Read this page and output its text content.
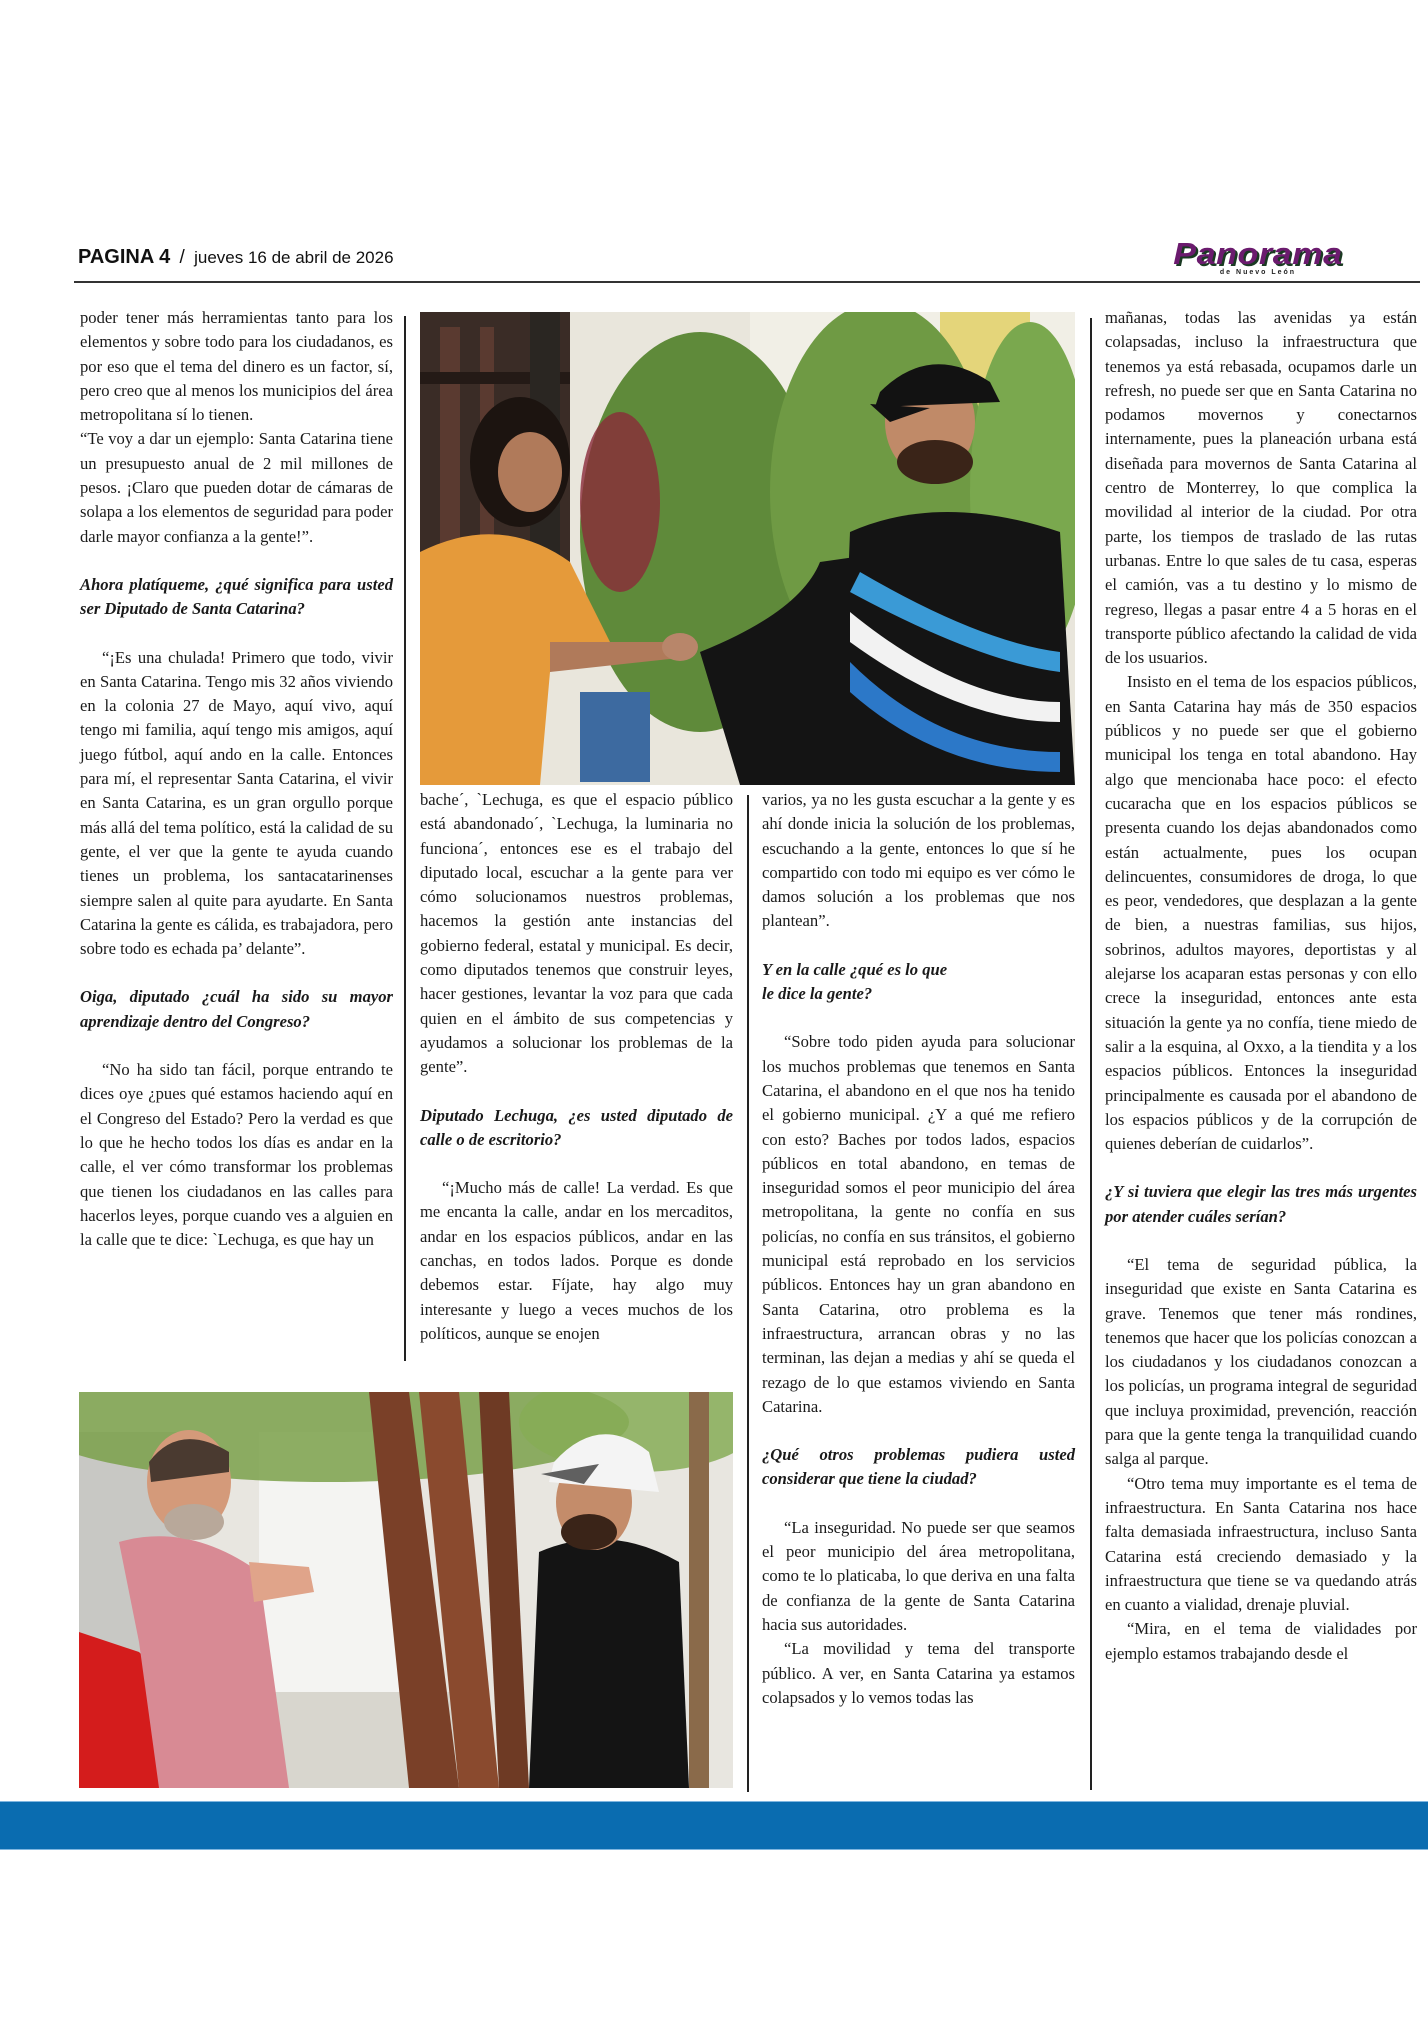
PAGINA 4 / jueves 16 de abril de 2026	Panorama
de Nuevo León

poder tener más herramientas tanto para los elementos y sobre todo para los ciudadanos, es por eso que el tema del dinero es un factor, sí, pero creo que al menos los municipios del área metropolitana sí lo tienen.

“Te voy a dar un ejemplo: Santa Catarina tiene un presupuesto anual de 2 mil millones de pesos. ¡Claro que pueden dotar de cámaras de solapa a los elementos de seguridad para poder darle mayor confianza a la gente!”.

Ahora platíqueme, ¿qué significa para usted ser Diputado de Santa Catarina?

“¡Es una chulada! Primero que todo, vivir en Santa Catarina. Tengo mis 32 años viviendo en la colonia 27 de Mayo, aquí vivo, aquí tengo mi familia, aquí tengo mis amigos, aquí juego fútbol, aquí ando en la calle. Entonces para mí, el representar Santa Catarina, el vivir en Santa Catarina, es un gran orgullo porque más allá del tema político, está la calidad de su gente, el ver que la gente te ayuda cuando tienes un problema, los santacatarinenses siempre salen al quite para ayudarte. En Santa Catarina la gente es cálida, es trabajadora, pero sobre todo es echada pa’ delante”.

Oiga, diputado ¿cuál ha sido su mayor aprendizaje dentro del Congreso?

“No ha sido tan fácil, porque entrando te dices oye ¿pues qué estamos haciendo aquí en el Congreso del Estado? Pero la verdad es que lo que he hecho todos los días es andar en la calle, el ver cómo transformar los problemas que tienen los ciudadanos en las calles para hacerlos leyes, porque cuando ves a alguien en la calle que te dice: `Lechuga, es que hay un

bache´, `Lechuga, es que el espacio público está abandonado´, `Lechuga, la luminaria no funciona´, entonces ese es el trabajo del diputado local, escuchar a la gente para ver cómo solucionamos nuestros problemas, hacemos la gestión ante instancias del gobierno federal, estatal y municipal. Es decir, como diputados tenemos que construir leyes, hacer gestiones, levantar la voz para que cada quien en el ámbito de sus competencias y ayudamos a solucionar los problemas de la gente”.

Diputado Lechuga, ¿es usted diputado de calle o de escritorio?

“¡Mucho más de calle! La verdad. Es que me encanta la calle, andar en los mercaditos, andar en los espacios públicos, andar en las canchas, en todos lados. Porque es donde debemos estar. Fíjate, hay algo muy interesante y luego a veces muchos de los políticos, aunque se enojen

varios, ya no les gusta escuchar a la gente y es ahí donde inicia la solución de los problemas, escuchando a la gente, entonces lo que sí he compartido con todo mi equipo es ver cómo le damos solución a los problemas que nos plantean”.

Y en la calle ¿qué es lo que
le dice la gente?

“Sobre todo piden ayuda para solucionar los muchos problemas que tenemos en Santa Catarina, el abandono en el que nos ha tenido el gobierno municipal. ¿Y a qué me refiero con esto? Baches por todos lados, espacios públicos en total abandono, en temas de inseguridad somos el peor municipio del área metropolitana, la gente no confía en sus policías, no confía en sus tránsitos, el gobierno municipal está reprobado en los servicios públicos. Entonces hay un gran abandono en Santa Catarina, otro problema es la infraestructura, arrancan obras y no las terminan, las dejan a medias y ahí se queda el rezago de lo que estamos viviendo en Santa Catarina.

¿Qué otros problemas pudiera usted considerar que tiene la ciudad?

“La inseguridad. No puede ser que seamos el peor municipio del área metropolitana, como te lo platicaba, lo que deriva en una falta de confianza de la gente de Santa Catarina hacia sus autoridades.

“La movilidad y tema del transporte público. A ver, en Santa Catarina ya estamos colapsados y lo vemos todas las

mañanas, todas las avenidas ya están colapsadas, incluso la infraestructura que tenemos ya está rebasada, ocupamos darle un refresh, no puede ser que en Santa Catarina no podamos movernos y conectarnos internamente, pues la planeación urbana está diseñada para movernos de Santa Catarina al centro de Monterrey, lo que complica la movilidad al interior de la ciudad. Por otra parte, los tiempos de traslado de las rutas urbanas. Entre lo que sales de tu casa, esperas el camión, vas a tu destino y lo mismo de regreso, llegas a pasar entre 4 a 5 horas en el transporte público afectando la calidad de vida de los usuarios.

Insisto en el tema de los espacios públicos, en Santa Catarina hay más de 350 espacios públicos y no puede ser que el gobierno municipal los tenga en total abandono. Hay algo que mencionaba hace poco: el efecto cucaracha que en los espacios públicos se presenta cuando los dejas abandonados como están actualmente, pues los ocupan delincuentes, consumidores de droga, lo que es peor, vendedores, que desplazan a la gente de bien, a nuestras familias, sus hijos, sobrinos, adultos mayores, deportistas y al alejarse los acaparan estas personas y con ello crece la inseguridad, entonces ante esta situación la gente ya no confía, tiene miedo de salir a la esquina, al Oxxo, a la tiendita y a los espacios públicos. Entonces la inseguridad principalmente es causada por el abandono de los espacios públicos y de la corrupción de quienes deberían de cuidarlos”.

¿Y si tuviera que elegir las tres más urgentes por atender cuáles serían?

“El tema de seguridad pública, la inseguridad que existe en Santa Catarina es grave. Tenemos que tener más rondines, tenemos que hacer que los policías conozcan a los ciudadanos y los ciudadanos conozcan a los policías, un programa integral de seguridad que incluya proximidad, prevención, reacción para que la gente tenga la tranquilidad cuando salga al parque.

“Otro tema muy importante es el tema de infraestructura. En Santa Catarina nos hace falta demasiada infraestructura, incluso Santa Catarina está creciendo demasiado y la infraestructura que tiene se va quedando atrás en cuanto a vialidad, drenaje pluvial.

“Mira, en el tema de vialidades por ejemplo estamos trabajando desde el
